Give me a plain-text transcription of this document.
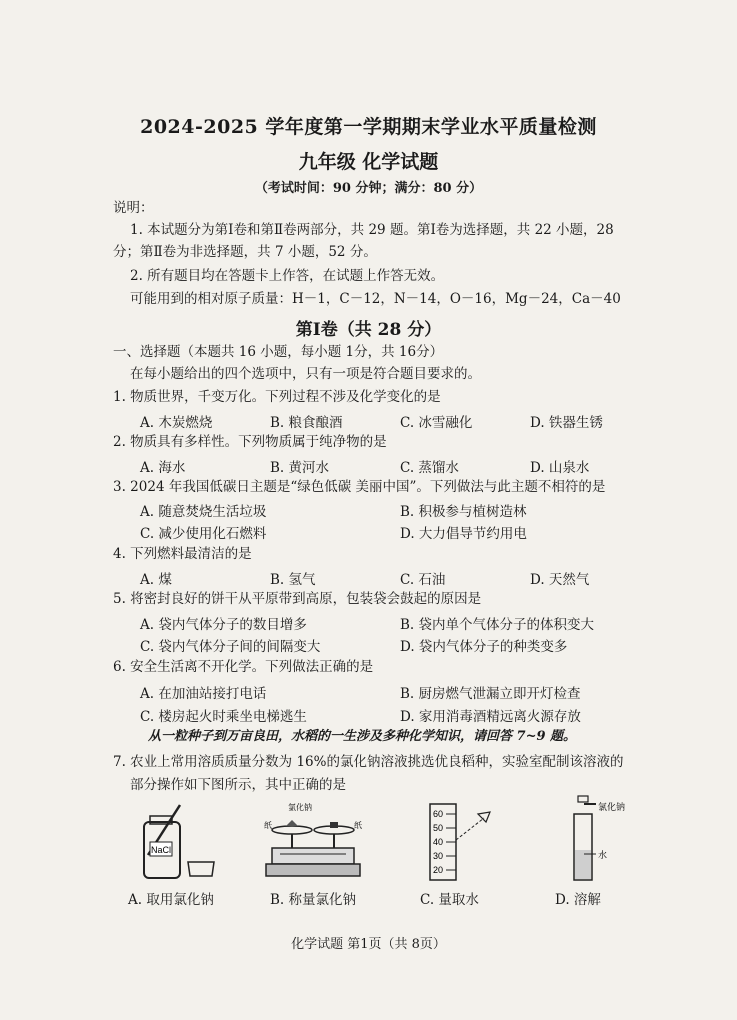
2024-2025 学年度第一学期期末学业水平质量检测
九年级 化学试题
（考试时间：90 分钟；满分：80 分）
说明：
1. 本试题分为第Ⅰ卷和第Ⅱ卷两部分，共 29 题。第Ⅰ卷为选择题，共 22 小题，28
分；第Ⅱ卷为非选择题，共 7 小题，52 分。
2. 所有题目均在答题卡上作答，在试题上作答无效。
可能用到的相对原子质量：H－1，C－12，N－14，O－16，Mg－24，Ca－40
第Ⅰ卷（共 28 分）
一、选择题（本题共 16 小题，每小题 1分，共 16分）
在每小题给出的四个选项中，只有一项是符合题目要求的。
1. 物质世界，千变万化。下列过程不涉及化学变化的是
A. 木炭燃烧	B. 粮食酿酒	C. 冰雪融化	D. 铁器生锈
2. 物质具有多样性。下列物质属于纯净物的是
A. 海水	B. 黄河水	C. 蒸馏水	D. 山泉水
3. 2024 年我国低碳日主题是“绿色低碳 美丽中国”。下列做法与此主题不相符的是
A. 随意焚烧生活垃圾	B. 积极参与植树造林
C. 减少使用化石燃料	D. 大力倡导节约用电
4. 下列燃料最清洁的是
A. 煤	B. 氢气	C. 石油	D. 天然气
5. 将密封良好的饼干从平原带到高原，包装袋会鼓起的原因是
A. 袋内气体分子的数目增多	B. 袋内单个气体分子的体积变大
C. 袋内气体分子间的间隔变大	D. 袋内气体分子的种类变多
6. 安全生活离不开化学。下列做法正确的是
A. 在加油站接打电话	B. 厨房燃气泄漏立即开灯检查
C. 楼房起火时乘坐电梯逃生	D. 家用消毒酒精远离火源存放
从一粒种子到万亩良田，水稻的一生涉及多种化学知识，请回答 7~9 题。
7. 农业上常用溶质质量分数为 16%的氯化钠溶液挑选优良稻种，实验室配制该溶液的
部分操作如下图所示，其中正确的是
NaCl
A. 取用氯化钠
氯化钠
纸	纸
B. 称量氯化钠
60
50
40
30
20
C. 量取水
氯化钠
水
D. 溶解
化学试题 第1页（共 8页）
